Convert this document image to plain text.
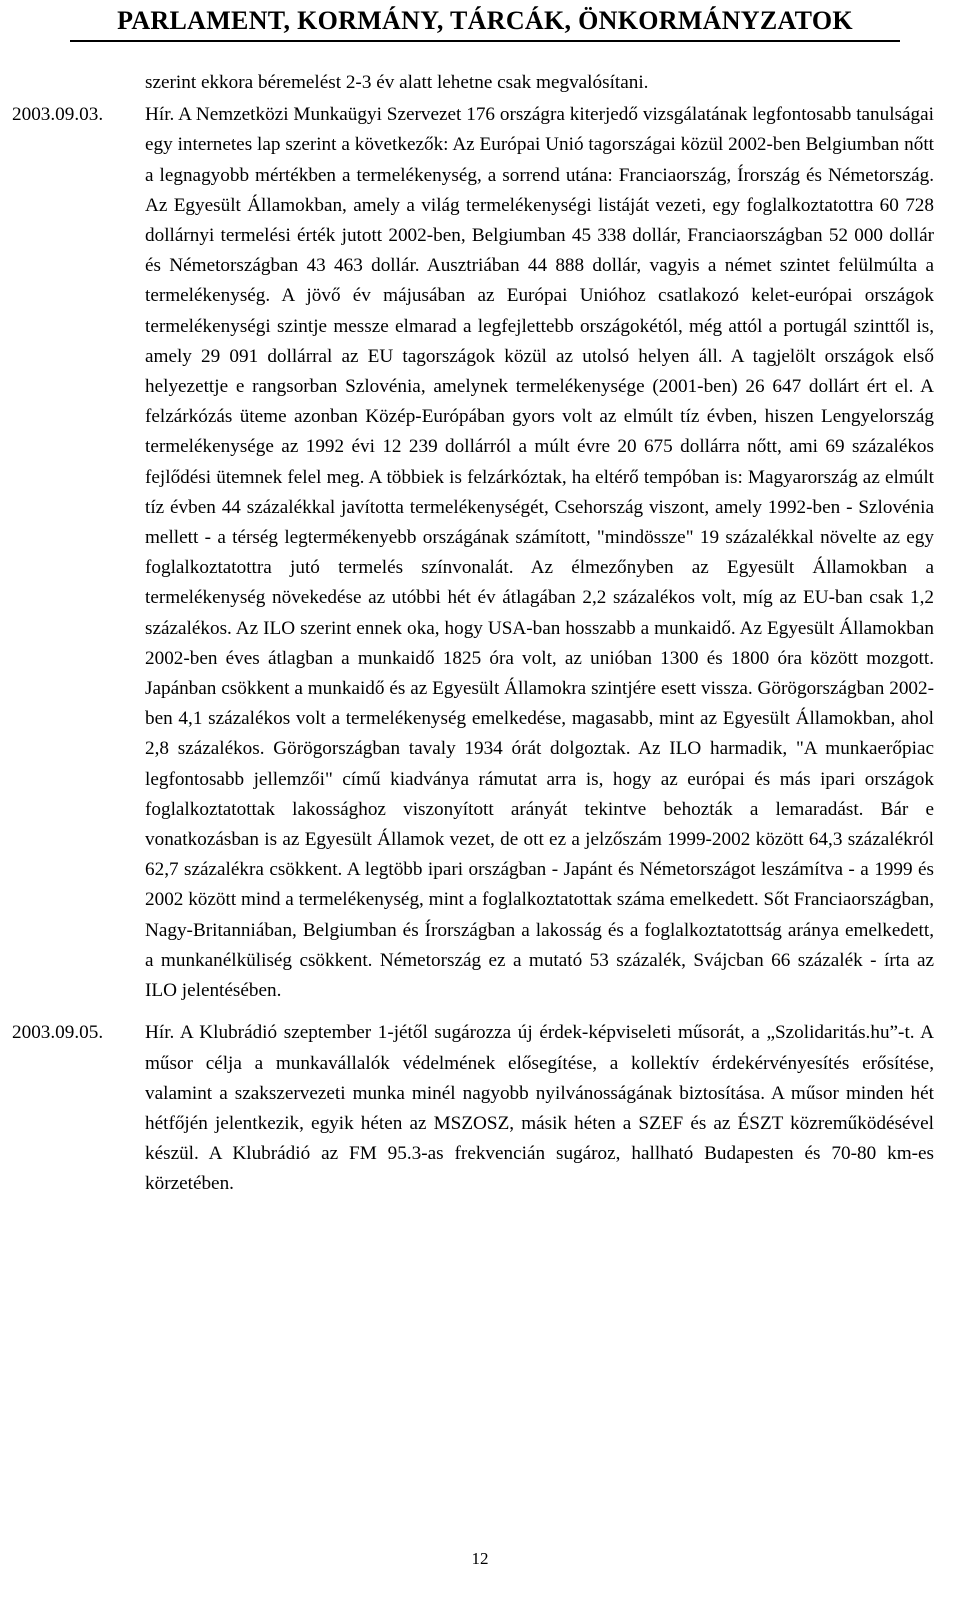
PARLAMENT, KORMÁNY, TÁRCÁK, ÖNKORMÁNYZATOK
szerint ekkora béremelést 2-3 év alatt lehetne csak megvalósítani.
2003.09.03.	Hír. A Nemzetközi Munkaügyi Szervezet 176 országra kiterjedő vizsgálatának legfontosabb tanulságai egy internetes lap szerint a következők: Az Európai Unió tagországai közül 2002-ben Belgiumban nőtt a legnagyobb mértékben a termelékenység, a sorrend utána: Franciaország, Írország és Németország. Az Egyesült Államokban, amely a világ termelékenységi listáját vezeti, egy foglalkoztatottra 60 728 dollárnyi termelési érték jutott 2002-ben, Belgiumban 45 338 dollár, Franciaországban 52 000 dollár és Németországban 43 463 dollár. Ausztriában 44 888 dollár, vagyis a német szintet felülmúlta a termelékenység. A jövő év májusában az Európai Unióhoz csatlakozó kelet-európai országok termelékenységi szintje messze elmarad a legfejlettebb országokétól, még attól a portugál szinttől is, amely 29 091 dollárral az EU tagországok közül az utolsó helyen áll. A tagjelölt országok első helyezettje e rangsorban Szlovénia, amelynek termelékenysége (2001-ben) 26 647 dollárt ért el. A felzárkózás üteme azonban Közép-Európában gyors volt az elmúlt tíz évben, hiszen Lengyelország termelékenysége az 1992 évi 12 239 dollárról a múlt évre 20 675 dollárra nőtt, ami 69 százalékos fejlődési ütemnek felel meg. A többiek is felzárkóztak, ha eltérő tempóban is: Magyarország az elmúlt tíz évben 44 százalékkal javította termelékenységét, Csehország viszont, amely 1992-ben - Szlovénia mellett - a térség legtermékenyebb országának számított, "mindössze" 19 százalékkal növelte az egy foglalkoztatottra jutó termelés színvonalát. Az élmezőnyben az Egyesült Államokban a termelékenység növekedése az utóbbi hét év átlagában 2,2 százalékos volt, míg az EU-ban csak 1,2 százalékos. Az ILO szerint ennek oka, hogy USA-ban hosszabb a munkaidő. Az Egyesült Államokban 2002-ben éves átlagban a munkaidő 1825 óra volt, az unióban 1300 és 1800 óra között mozgott. Japánban csökkent a munkaidő és az Egyesült Államokra szintjére esett vissza. Görögországban 2002-ben 4,1 százalékos volt a termelékenység emelkedése, magasabb, mint az Egyesült Államokban, ahol 2,8 százalékos. Görögországban tavaly 1934 órát dolgoztak. Az ILO harmadik, "A munkaerőpiac legfontosabb jellemzői" című kiadványa rámutat arra is, hogy az európai és más ipari országok foglalkoztatottak lakossághoz viszonyított arányát tekintve behozták a lemaradást. Bár e vonatkozásban is az Egyesült Államok vezet, de ott ez a jelzőszám 1999-2002 között 64,3 százalékról 62,7 százalékra csökkent. A legtöbb ipari országban - Japánt és Németországot leszámítva - a 1999 és 2002 között mind a termelékenység, mint a foglalkoztatottak száma emelkedett. Sőt Franciaországban, Nagy-Britanniában, Belgiumban és Írországban a lakosság és a foglalkoztatottság aránya emelkedett, a munkanélküliség csökkent. Németország ez a mutató 53 százalék, Svájcban 66 százalék - írta az ILO jelentésében.
2003.09.05.	Hír. A Klubrádió szeptember 1-jétől sugározza új érdek-képviseleti műsorát, a „Szolidaritás.hu”-t. A műsor célja a munkavállalók védelmének elősegítése, a kollektív érdekérvényesítés erősítése, valamint a szakszervezeti munka minél nagyobb nyilvánosságának biztosítása. A műsor minden hét hétfőjén jelentkezik, egyik héten az MSZOSZ, másik héten a SZEF és az ÉSZT közreműködésével készül. A Klubrádió az FM 95.3-as frekvencián sugároz, hallható Budapesten és 70-80 km-es körzetében.
12
